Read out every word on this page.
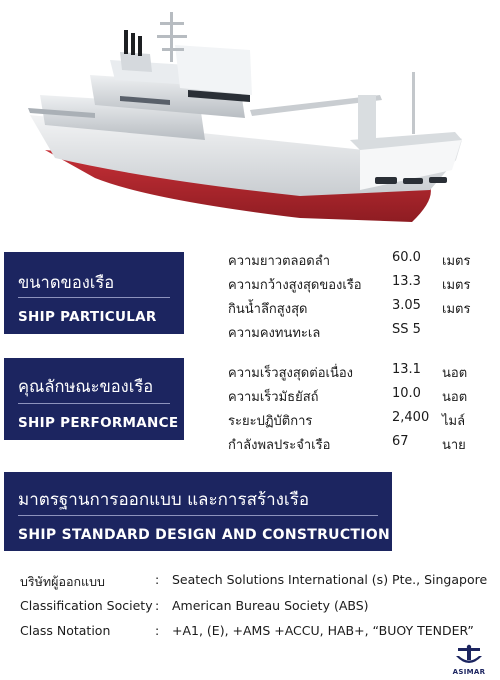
ขนาดของเรือ
SHIP PARTICULAR
ความยาวตลอดลำ	60.0 เมตร
ความกว้างสูงสุดของเรือ 13.3 เมตร
กินน้ำลึกสูงสุด	3.05 เมตร
ความคงทนทะเล	SS 5
คุณลักษณะของเรือ
SHIP PERFORMANCE
ความเร็วสูงสุดต่อเนื่อง	13.1 นอต
ความเร็วมัธยัสถ์	10.0 นอต
ระยะปฏิบัติการ	2,400 ไมล์
กำลังพลประจำเรือ	67	นาย
มาตรฐานการออกแบบ และการสร้างเรือ
SHIP STANDARD DESIGN AND CONSTRUCTION
บริษัทผู้ออกแบบ	: Seatech Solutions International (s) Pte., Singapore
Classification Society : American Bureau Society (ABS)
Class Notation	: +A1, (E), +AMS +ACCU, HAB+, “BUOY TENDER”
ASIMAR
